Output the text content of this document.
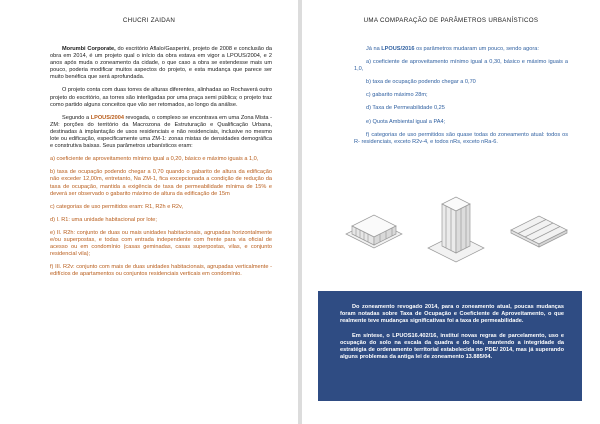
CHUCRI ZAIDAN

Morumbi Corporate, do escritório Aflalo/Gasperini, projeto de 2008 e conclusão da obra em 2014, é um projeto qual o início da obra estava em vigor a LPOUS/2004, e 2 anos após muda o zoneamento da cidade, o que caso a obra se estendesse mais um pouco, poderia modificar muitos aspectos do projeto, e esta mudança que parece ser muito benéfica que será aprofundada.

O projeto conta com duas torres de alturas diferentes, alinhadas ao Rochaverá outro projeto do escritório, as torres são interligadas por uma praça semi pública; o projeto traz como partido alguns conceitos que vão ser retomados, ao longo da análise.

Segundo a LPOUS/2004 revogada, o complexo se encontrava em uma Zona Mista - ZM: porções do território da Macrozona de Estruturação e Qualificação Urbana, destinadas à implantação de usos residenciais e não residenciais, inclusive no mesmo lote ou edificação, especificamente uma ZM-1: zonas mistas de densidades demográfica e construtiva baixas. Seus parâmetros urbanísticos eram:

a) coeficiente de aproveitamento mínimo igual a 0,20, básico e máximo iguais a 1,0,

b) taxa de ocupação podendo chegar a 0,70 quando o gabarito de altura da edificação não exceder 12,00m, entretanto, Na ZM-1, fica excepcionada a condição de redução da taxa de ocupação, mantida a exigência de taxa de permeabilidade mínima de 15% e deverá ser observado o gabarito máximo de altura da edificação de 15m

c) categorias de uso permitidos eram: R1, R2h e R2v,

d) I. R1: uma unidade habitacional por lote;

e) II. R2h: conjunto de duas ou mais unidades habitacionais, agrupadas horizontalmente e/ou superpostas, e todas com entrada independente com frente para via oficial de acesso ou em condomínio (casas geminadas, casas superpostas, vilas, e conjunto residencial vila);

f) III. R2v: conjunto com mais de duas unidades habitacionais, agrupadas verticalmente - edifícios de apartamentos ou conjuntos residenciais verticais em condomínio.

UMA COMPARAÇÃO DE PARÂMETROS URBANÍSTICOS

Já na LPOUS/2016 os parâmetros mudaram um pouco, sendo agora:

a) coeficiente de aproveitamento mínimo igual a 0,30, básico e máximo iguais a 1,0,

b) taxa de ocupação podendo chegar a 0,70

c) gabarito máximo 28m;

d) Taxa de Permeabilidade 0,25

e) Quota Ambiental igual a PA4;

f) categorias de uso permitidos são quase todas do zoneamento atual: todos os R- residenciais, exceto R2v-4, e todos nRs, exceto nRa-6.

Do zoneamento revogado 2014, para o zoneamento atual, poucas mudanças foram notadas sobre Taxa de Ocupação e Coeficiente de Aproveitamento, o que realmente teve mudanças significativas foi a taxa de permeabilidade.

Em síntese, o LPUOS16.402/16, instituí novas regras de parcelamento, uso e ocupação do solo na escala da quadra e do lote, mantendo a integridade da estratégia de ordenamento territorial estabelecida no PDE/ 2014, mas já superando alguns problemas da antiga lei de zoneamento 13.885/04.
